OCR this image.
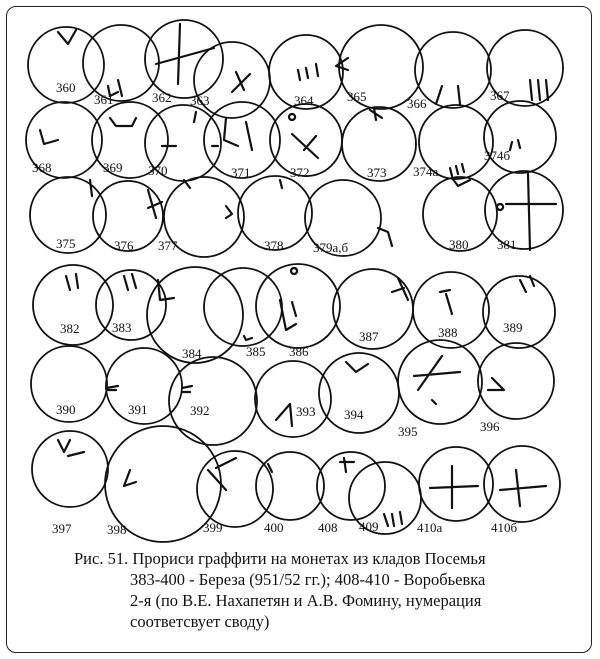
360
361	362 363	364	365	366
367
368	369 370	371	372	373 374а
374б
375	376 377	378 379а,б	380 381
382	383
384	385 386
387	388	389
390	391	392	393 394
395	396
397	398	399	400	408 409	410а	410б
Рис. 51. Прориси граффити на монетах из кладов Посемья
383-400 - Береза (951/52 гг.); 408-410 - Воробьевка
2-я (по В.Е. Нахапетян и А.В. Фомину, нумерация
соответсвует своду)
